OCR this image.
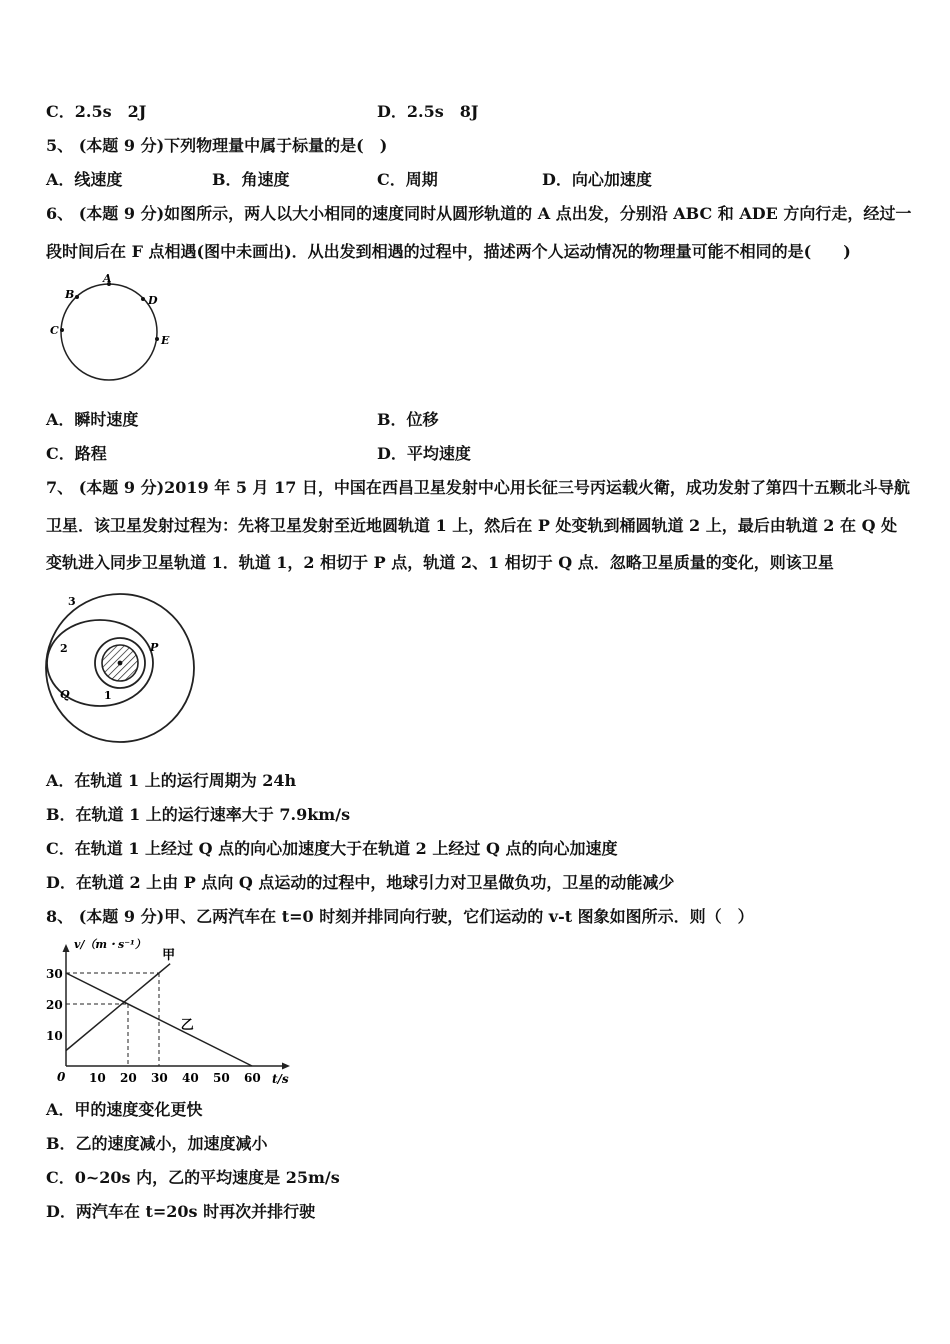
C．2.5s　2J	D．2.5s　8J
5、 (本题 9 分)下列物理量中属于标量的是(　)
A．线速度	B．角速度	C．周期	D．向心加速度
6、 (本题 9 分)如图所示，两人以大小相同的速度同时从圆形轨道的 A 点出发，分别沿 ABC 和 ADE 方向行走，经过一
段时间后在 F 点相遇(图中未画出)．从出发到相遇的过程中，描述两个人运动情况的物理量可能不相同的是(　　)
A
B
C
D
E
A．瞬时速度	B．位移
C．路程	D．平均速度
7、 (本题 9 分)2019 年 5 月 17 日，中国在西昌卫星发射中心用长征三号丙运载火衛，成功发射了第四十五颗北斗导航
卫星．该卫星发射过程为：先将卫星发射至近地圆轨道 1 上，然后在 P 处变轨到桶圆轨道 2 上，最后由轨道 2 在 Q 处
变轨进入同步卫星轨道 1．轨道 1，2 相切于 P 点，轨道 2、1 相切于 Q 点．忽略卫星质量的变化，则该卫星
3
2
1
P
Q
A．在轨道 1 上的运行周期为 24h
B．在轨道 1 上的运行速率大于 7.9km/s
C．在轨道 1 上经过 Q 点的向心加速度大于在轨道 2 上经过 Q 点的向心加速度
D．在轨道 2 上由 P 点向 Q 点运动的过程中，地球引力对卫星做负功，卫星的动能减少
8、 (本题 9 分)甲、乙两汽车在 t=0 时刻并排同向行驶，它们运动的 v-t 图象如图所示．则（　）
v/（m・s⁻¹）
t/s
0 10 20 30 40 50 60
10
20
30
甲
乙
A．甲的速度变化更快
B．乙的速度减小，加速度减小
C．0~20s 内，乙的平均速度是 25m/s
D．两汽车在 t=20s 时再次并排行驶
